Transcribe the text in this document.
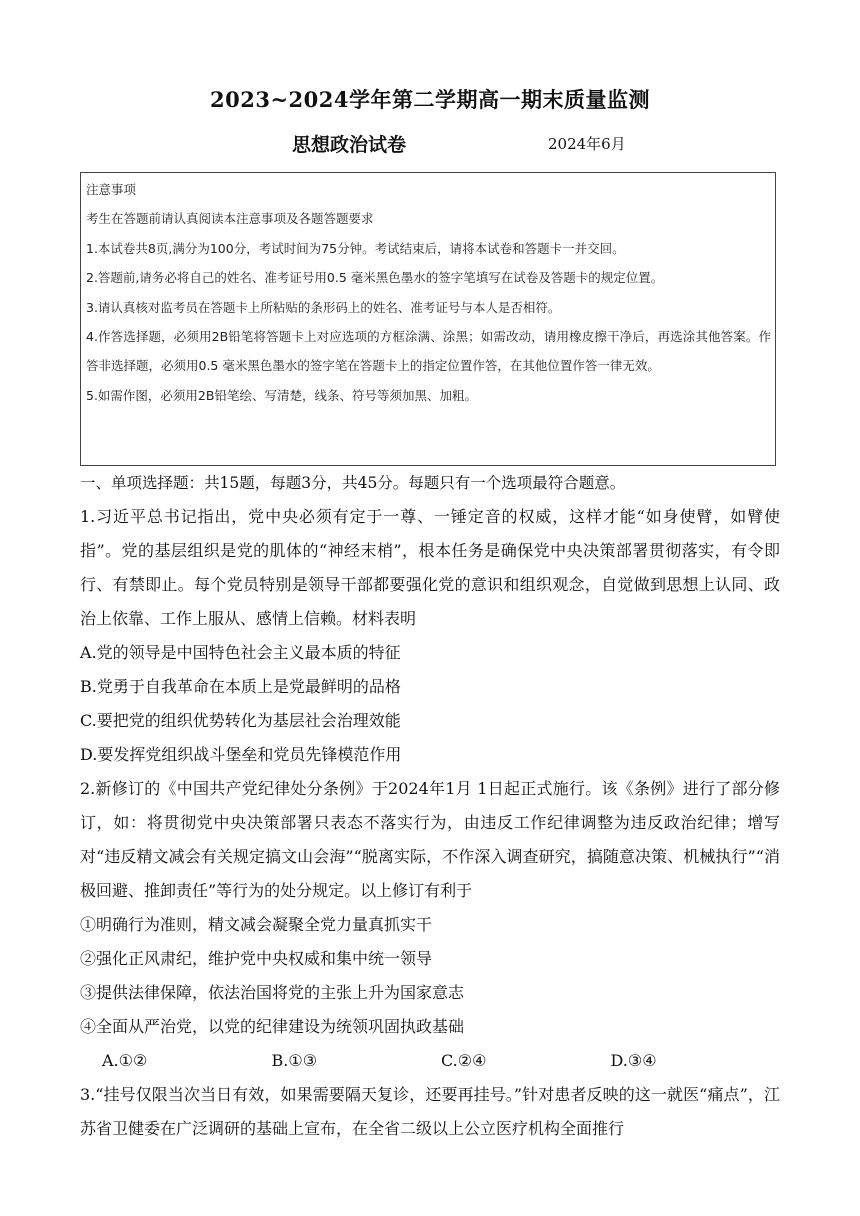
2023~2024学年第二学期高一期末质量监测
思想政治试卷	2024年6月

注意事项

考生在答题前请认真阅读本注意事项及各题答题要求

1.本试卷共8页,满分为100分，考试时间为75分钟。考试结束后，请将本试卷和答题卡一并交回。

2.答题前,请务必将自己的姓名、准考证号用0.5 毫米黑色墨水的签字笔填写在试卷及答题卡的规定位置。

3.请认真核对监考员在答题卡上所粘贴的条形码上的姓名、准考证号与本人是否相符。

4.作答选择题，必须用2B铅笔将答题卡上对应选项的方框涂满、涂黑；如需改动，请用橡皮擦干净后，再选涂其他答案。作答非选择题，必须用0.5 毫米黑色墨水的签字笔在答题卡上的指定位置作答，在其他位置作答一律无效。

5.如需作图，必须用2B铅笔绘、写清楚，线条、符号等须加黑、加粗。

一、单项选择题：共15题，每题3分，共45分。每题只有一个选项最符合题意。

1.习近平总书记指出，党中央必须有定于一尊、一锤定音的权威，这样才能“如身使臂，如臂使指”。党的基层组织是党的肌体的“神经末梢”，根本任务是确保党中央决策部署贯彻落实，有令即行、有禁即止。每个党员特别是领导干部都要强化党的意识和组织观念，自觉做到思想上认同、政治上依靠、工作上服从、感情上信赖。材料表明

A.党的领导是中国特色社会主义最本质的特征

B.党勇于自我革命在本质上是党最鲜明的品格

C.要把党的组织优势转化为基层社会治理效能

D.要发挥党组织战斗堡垒和党员先锋模范作用

2.新修订的《中国共产党纪律处分条例》于2024年1月 1日起正式施行。该《条例》进行了部分修订，如：将贯彻党中央决策部署只表态不落实行为，由违反工作纪律调整为违反政治纪律；增写对“违反精文减会有关规定搞文山会海”“脱离实际，不作深入调查研究，搞随意决策、机械执行”“消极回避、推卸责任”等行为的处分规定。以上修订有利于

①明确行为准则，精文减会凝聚全党力量真抓实干

②强化正风肃纪，维护党中央权威和集中统一领导

③提供法律保障，依法治国将党的主张上升为国家意志

④全面从严治党，以党的纪律建设为统领巩固执政基础

A.①②	B.①③	C.②④	D.③④

3.“挂号仅限当次当日有效，如果需要隔天复诊，还要再挂号。”针对患者反映的这一就医“痛点”，江苏省卫健委在广泛调研的基础上宣布，在全省二级以上公立医疗机构全面推行
